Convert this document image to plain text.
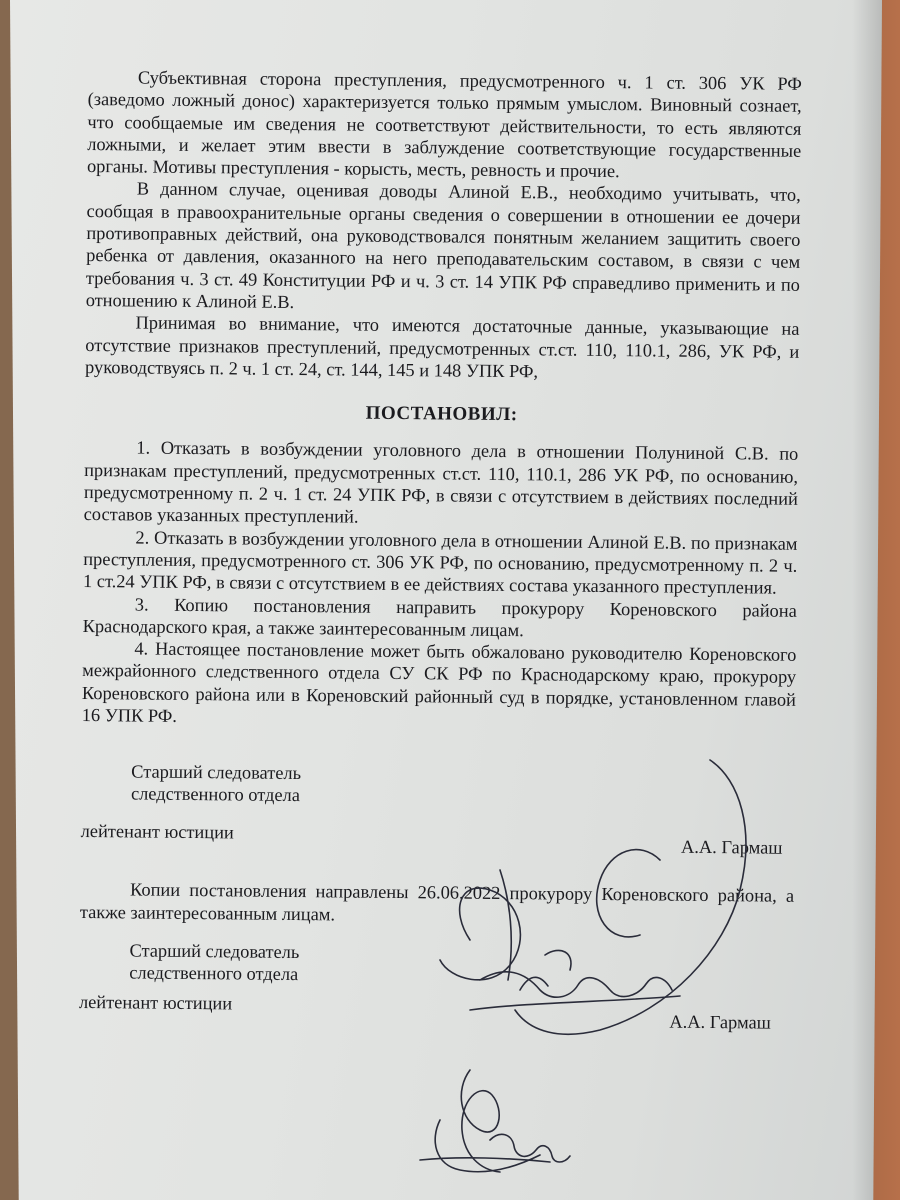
Субъективная сторона преступления, предусмотренного ч. 1 ст. 306 УК РФ (заведомо ложный донос) характеризуется только прямым умыслом. Виновный сознает, что сообщаемые им сведения не соответствуют действительности, то есть являются ложными, и желает этим ввести в заблуждение соответствующие государственные органы. Мотивы преступления - корысть, месть, ревность и прочие.

В данном случае, оценивая доводы Алиной Е.В., необходимо учитывать, что, сообщая в правоохранительные органы сведения о совершении в отношении ее дочери противоправных действий, она руководствовался понятным желанием защитить своего ребенка от давления, оказанного на него преподавательским составом, в связи с чем требования ч. 3 ст. 49 Конституции РФ и ч. 3 ст. 14 УПК РФ справедливо применить и по отношению к Алиной Е.В.

Принимая во внимание, что имеются достаточные данные, указывающие на отсутствие признаков преступлений, предусмотренных ст.ст. 110, 110.1, 286, УК РФ, и руководствуясь п. 2 ч. 1 ст. 24, ст. 144, 145 и 148 УПК РФ,

ПОСТАНОВИЛ:

1. Отказать в возбуждении уголовного дела в отношении Полуниной С.В. по признакам преступлений, предусмотренных ст.ст. 110, 110.1, 286 УК РФ, по основанию, предусмотренному п. 2 ч. 1 ст. 24 УПК РФ, в связи с отсутствием в действиях последний составов указанных преступлений.

2. Отказать в возбуждении уголовного дела в отношении Алиной Е.В. по признакам преступления, предусмотренного ст. 306 УК РФ, по основанию, предусмотренному п. 2 ч. 1 ст.24 УПК РФ, в связи с отсутствием в ее действиях состава указанного преступления.

3. Копию постановления направить прокурору Кореновского района Краснодарского края, а также заинтересованным лицам.

4. Настоящее постановление может быть обжаловано руководителю Кореновского межрайонного следственного отдела СУ СК РФ по Краснодарскому краю, прокурору Кореновского района или в Кореновский районный суд в порядке, установленном главой 16 УПК РФ.

Старший следователь

следственного отдела

лейтенант юстиции
А.А. Гармаш

Копии постановления направлены 26.06.2022 прокурору Кореновского района, а также заинтересованным лицам.

Старший следователь

следственного отдела

лейтенант юстиции
А.А. Гармаш
